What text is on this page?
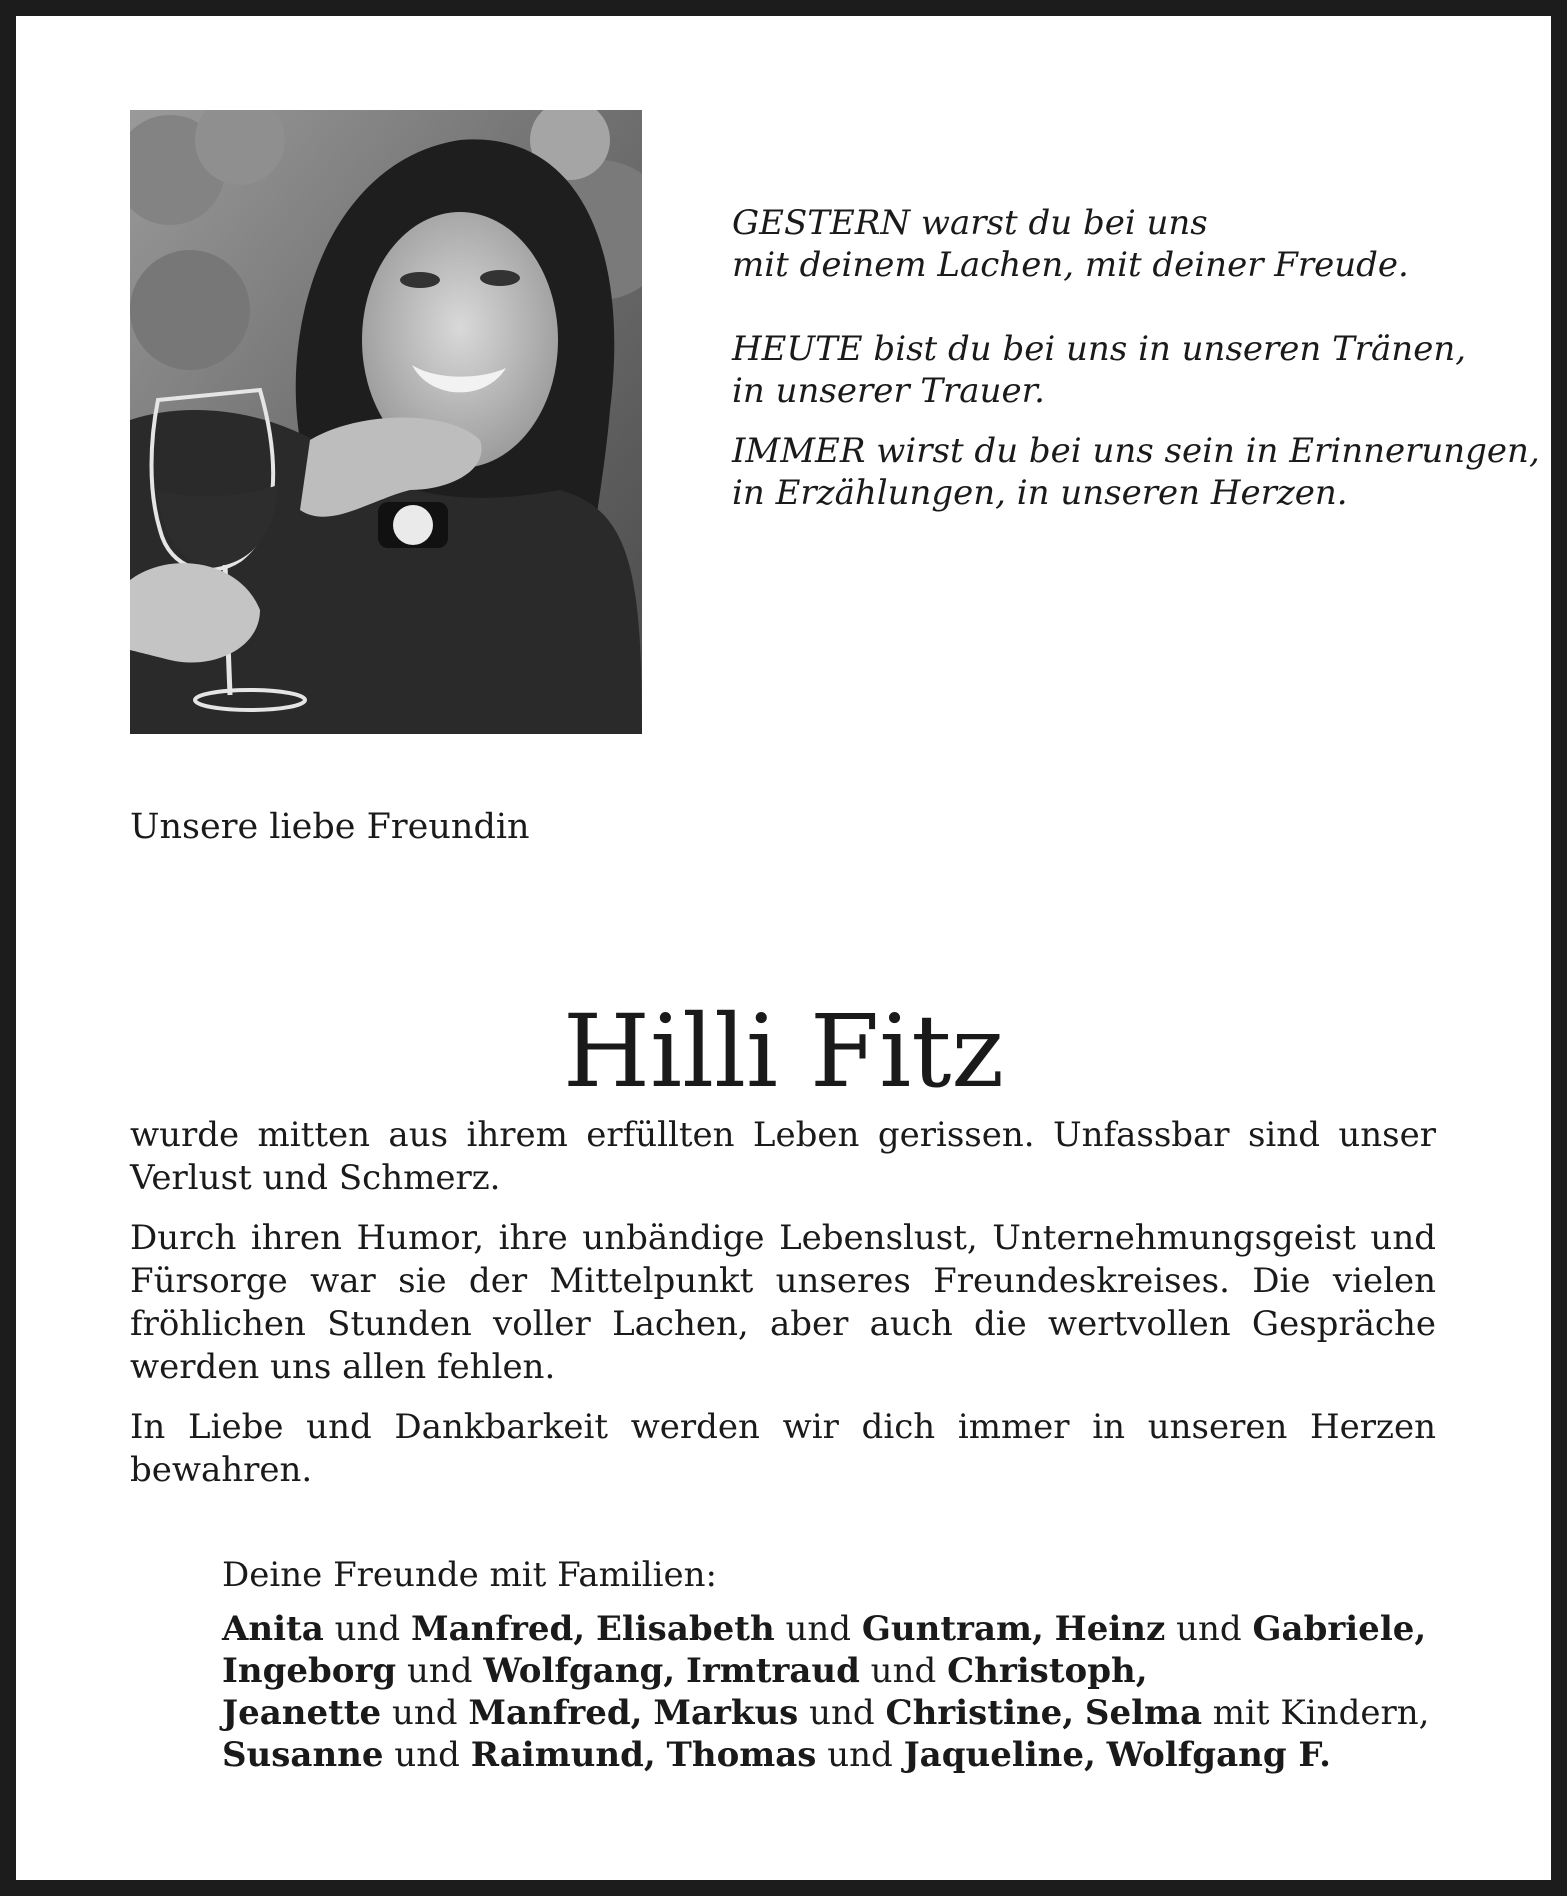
GESTERN warst du bei uns
mit deinem Lachen, mit deiner Freude.

HEUTE bist du bei uns in unseren Tränen,
in unserer Trauer.

IMMER wirst du bei uns sein in Erinnerungen,
in Erzählungen, in unseren Herzen.

Unsere liebe Freundin
Hilli Fitz

wurde mitten aus ihrem erfüllten Leben gerissen. Unfassbar sind unser Verlust und Schmerz.

Durch ihren Humor, ihre unbändige Lebenslust, Unternehmungsgeist und Fürsorge war sie der Mittelpunkt unseres Freundeskreises. Die vielen fröhlichen Stunden voller Lachen, aber auch die wertvollen Gespräche werden uns allen fehlen.

In Liebe und Dankbarkeit werden wir dich immer in unseren Herzen bewahren.

Deine Freunde mit Familien:
Anita und Manfred, Elisabeth und Guntram, Heinz und Gabriele,
Ingeborg und Wolfgang, Irmtraud und Christoph,
Jeanette und Manfred, Markus und Christine, Selma mit Kindern,
Susanne und Raimund, Thomas und Jaqueline, Wolfgang F.
